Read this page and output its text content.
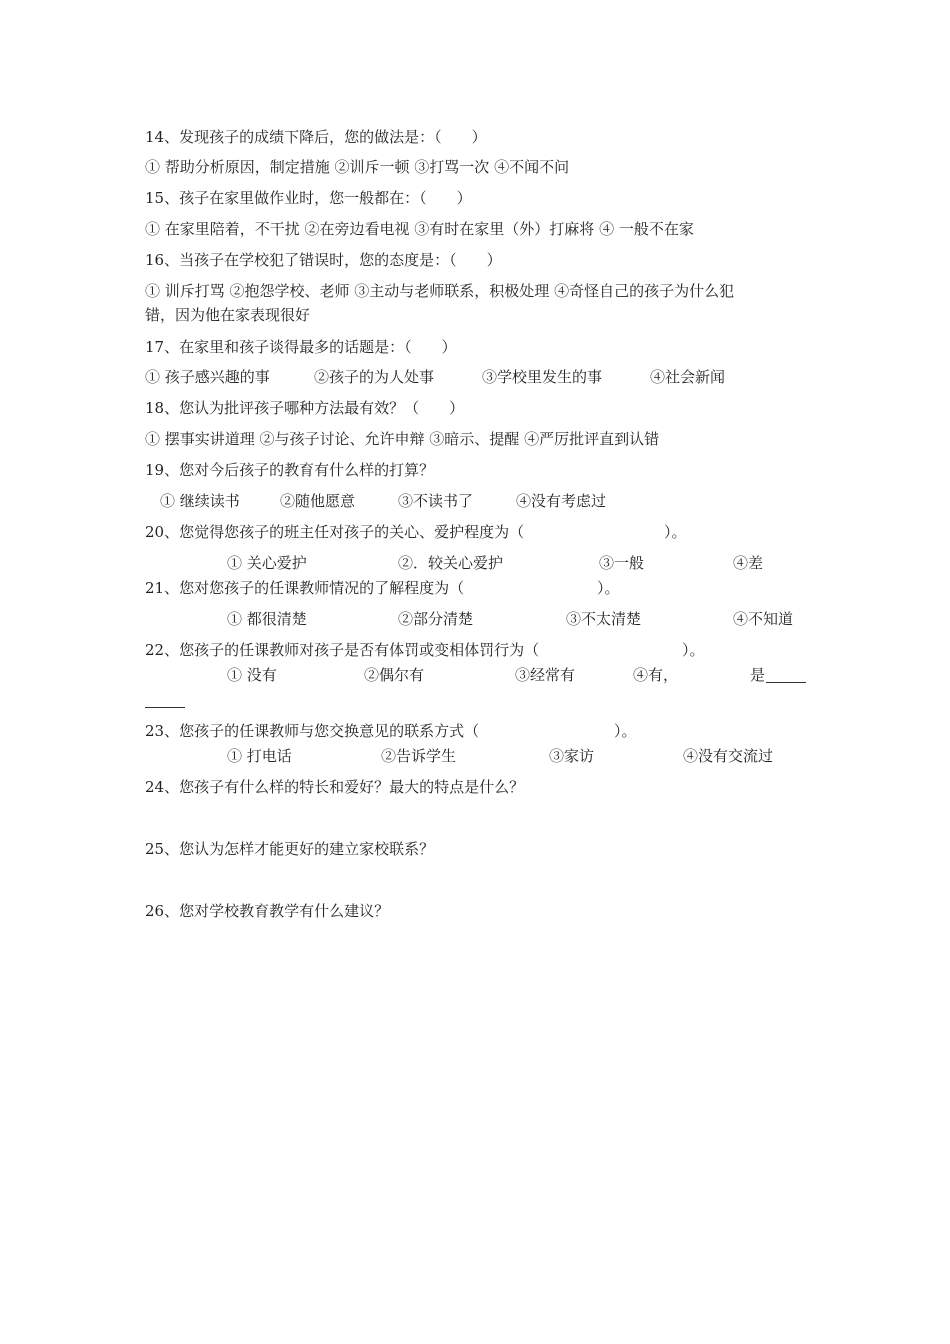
14、发现孩子的成绩下降后，您的做法是：（　　）
① 帮助分析原因，制定措施 ②训斥一顿 ③打骂一次 ④不闻不问
15、孩子在家里做作业时，您一般都在：（　　）
① 在家里陪着，不干扰 ②在旁边看电视 ③有时在家里（外）打麻将 ④ 一般不在家
16、当孩子在学校犯了错误时，您的态度是：（　　）
① 训斥打骂 ②抱怨学校、老师 ③主动与老师联系，积极处理 ④奇怪自己的孩子为什么犯
错，因为他在家表现很好
17、在家里和孩子谈得最多的话题是：（　　）
① 孩子感兴趣的事	②孩子的为人处事	③学校里发生的事	④社会新闻
18、您认为批评孩子哪种方法最有效？（　　）
① 摆事实讲道理 ②与孩子讨论、允许申辩 ③暗示、提醒 ④严厉批评直到认错
19、您对今后孩子的教育有什么样的打算？
① 继续读书	②随他愿意	③不读书了	④没有考虑过
20、您觉得您孩子的班主任对孩子的关心、爱护程度为（	）。
① 关心爱护	②．较关心爱护	③一般	④差
21、您对您孩子的任课教师情况的了解程度为（	）。
① 都很清楚	②部分清楚	③不太清楚	④不知道
22、您孩子的任课教师对孩子是否有体罚或变相体罚行为（	）。
① 没有	②偶尔有	③经常有	④有，	是
23、您孩子的任课教师与您交换意见的联系方式（	）。
① 打电话	②告诉学生	③家访	④没有交流过
24、您孩子有什么样的特长和爱好？最大的特点是什么？
25、您认为怎样才能更好的建立家校联系？
26、您对学校教育教学有什么建议？
